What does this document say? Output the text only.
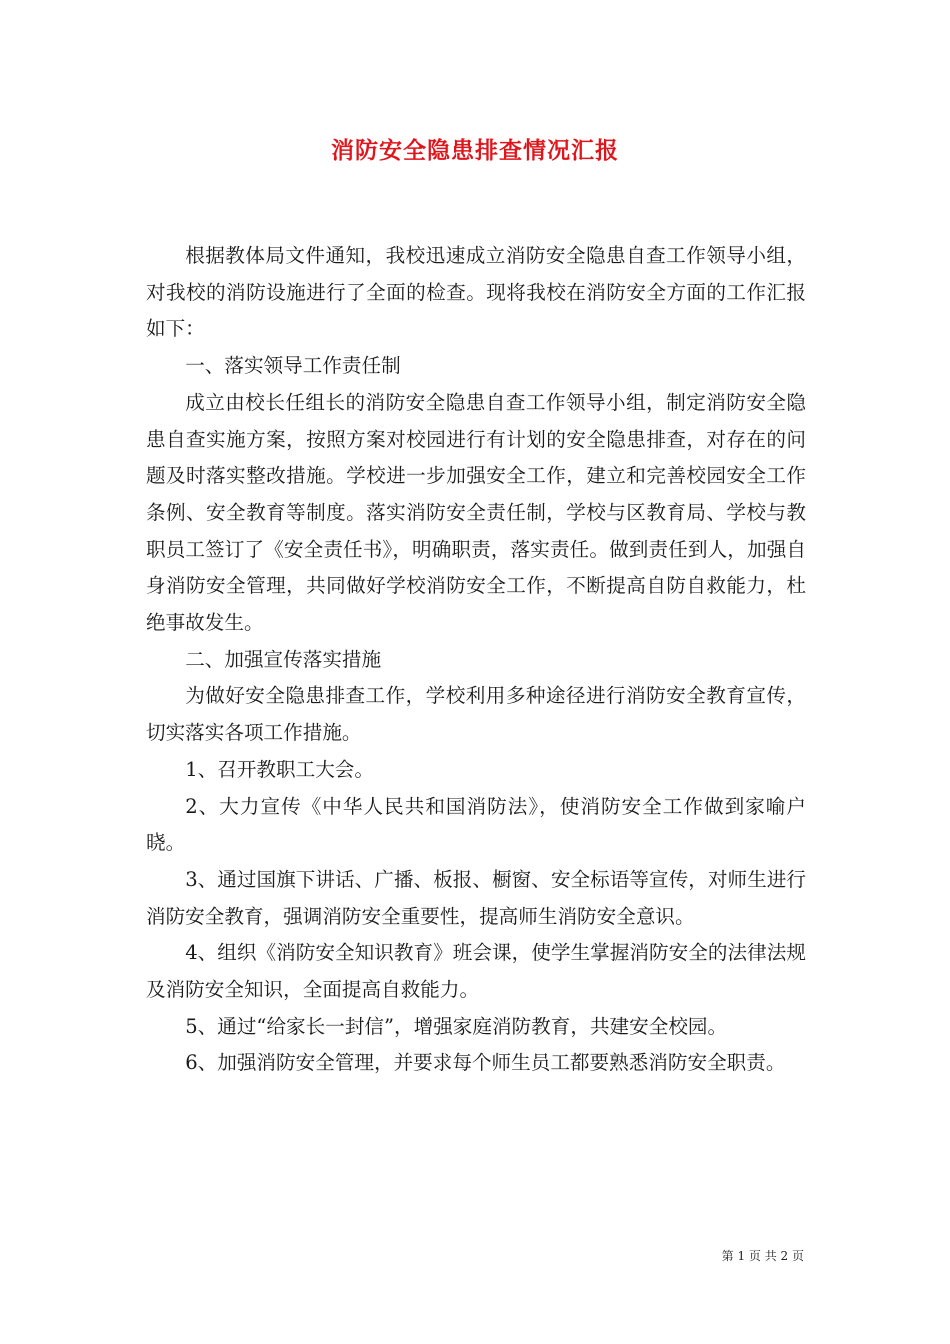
消防安全隐患排查情况汇报

根据教体局文件通知，我校迅速成立消防安全隐患自查工作领导小组，对我校的消防设施进行了全面的检查。现将我校在消防安全方面的工作汇报如下：

一、落实领导工作责任制

成立由校长任组长的消防安全隐患自查工作领导小组，制定消防安全隐患自查实施方案，按照方案对校园进行有计划的安全隐患排查，对存在的问题及时落实整改措施。学校进一步加强安全工作，建立和完善校园安全工作条例、安全教育等制度。落实消防安全责任制，学校与区教育局、学校与教职员工签订了《安全责任书》，明确职责，落实责任。做到责任到人，加强自身消防安全管理，共同做好学校消防安全工作，不断提高自防自救能力，杜绝事故发生。

二、加强宣传落实措施

为做好安全隐患排查工作，学校利用多种途径进行消防安全教育宣传，切实落实各项工作措施。

1、召开教职工大会。

2、大力宣传《中华人民共和国消防法》，使消防安全工作做到家喻户晓。

3、通过国旗下讲话、广播、板报、橱窗、安全标语等宣传，对师生进行消防安全教育，强调消防安全重要性，提高师生消防安全意识。

4、组织《消防安全知识教育》班会课，使学生掌握消防安全的法律法规及消防安全知识，全面提高自救能力。

5、通过“给家长一封信”，增强家庭消防教育，共建安全校园。

6、加强消防安全管理，并要求每个师生员工都要熟悉消防安全职责。

第 1 页 共 2 页
